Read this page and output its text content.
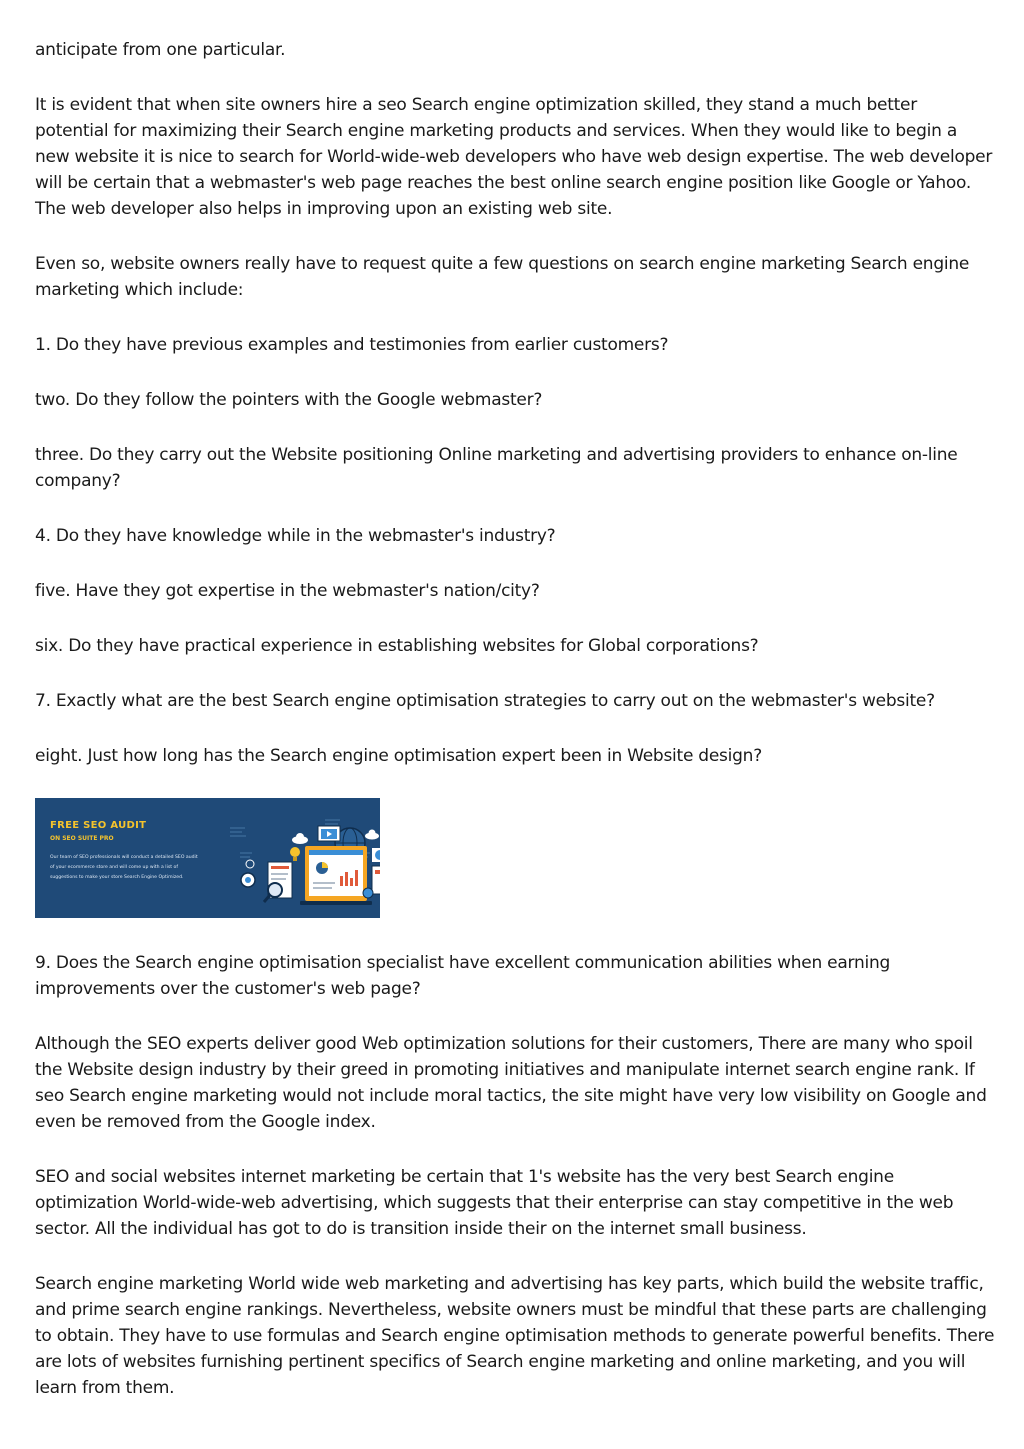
anticipate from one particular.

It is evident that when site owners hire a seo Search engine optimization skilled, they stand a much better potential for maximizing their Search engine marketing products and services. When they would like to begin a new website it is nice to search for World-wide-web developers who have web design expertise. The web developer will be certain that a webmaster's web page reaches the best online search engine position like Google or Yahoo. The web developer also helps in improving upon an existing web site.

Even so, website owners really have to request quite a few questions on search engine marketing Search engine marketing which include:

1. Do they have previous examples and testimonies from earlier customers?

two. Do they follow the pointers with the Google webmaster?

three. Do they carry out the Website positioning Online marketing and advertising providers to enhance on-line company?

4. Do they have knowledge while in the webmaster's industry?

five. Have they got expertise in the webmaster's nation/city?

six. Do they have practical experience in establishing websites for Global corporations?

7. Exactly what are the best Search engine optimisation strategies to carry out on the webmaster's website?

eight. Just how long has the Search engine optimisation expert been in Website design?

FREE SEO AUDIT
ON SEO SUITE PRO
Our team of SEO professionals will conduct a detailed SEO audit of your ecommerce store and will come up with a list of suggestions to make your store Search Engine Optimized.

9. Does the Search engine optimisation specialist have excellent communication abilities when earning improvements over the customer's web page?

Although the SEO experts deliver good Web optimization solutions for their customers, There are many who spoil the Website design industry by their greed in promoting initiatives and manipulate internet search engine rank. If seo Search engine marketing would not include moral tactics, the site might have very low visibility on Google and even be removed from the Google index.

SEO and social websites internet marketing be certain that 1's website has the very best Search engine optimization World-wide-web advertising, which suggests that their enterprise can stay competitive in the web sector. All the individual has got to do is transition inside their on the internet small business.

Search engine marketing World wide web marketing and advertising has key parts, which build the website traffic, and prime search engine rankings. Nevertheless, website owners must be mindful that these parts are challenging to obtain. They have to use formulas and Search engine optimisation methods to generate powerful benefits. There are lots of websites furnishing pertinent specifics of Search engine marketing and online marketing, and you will learn from them.
